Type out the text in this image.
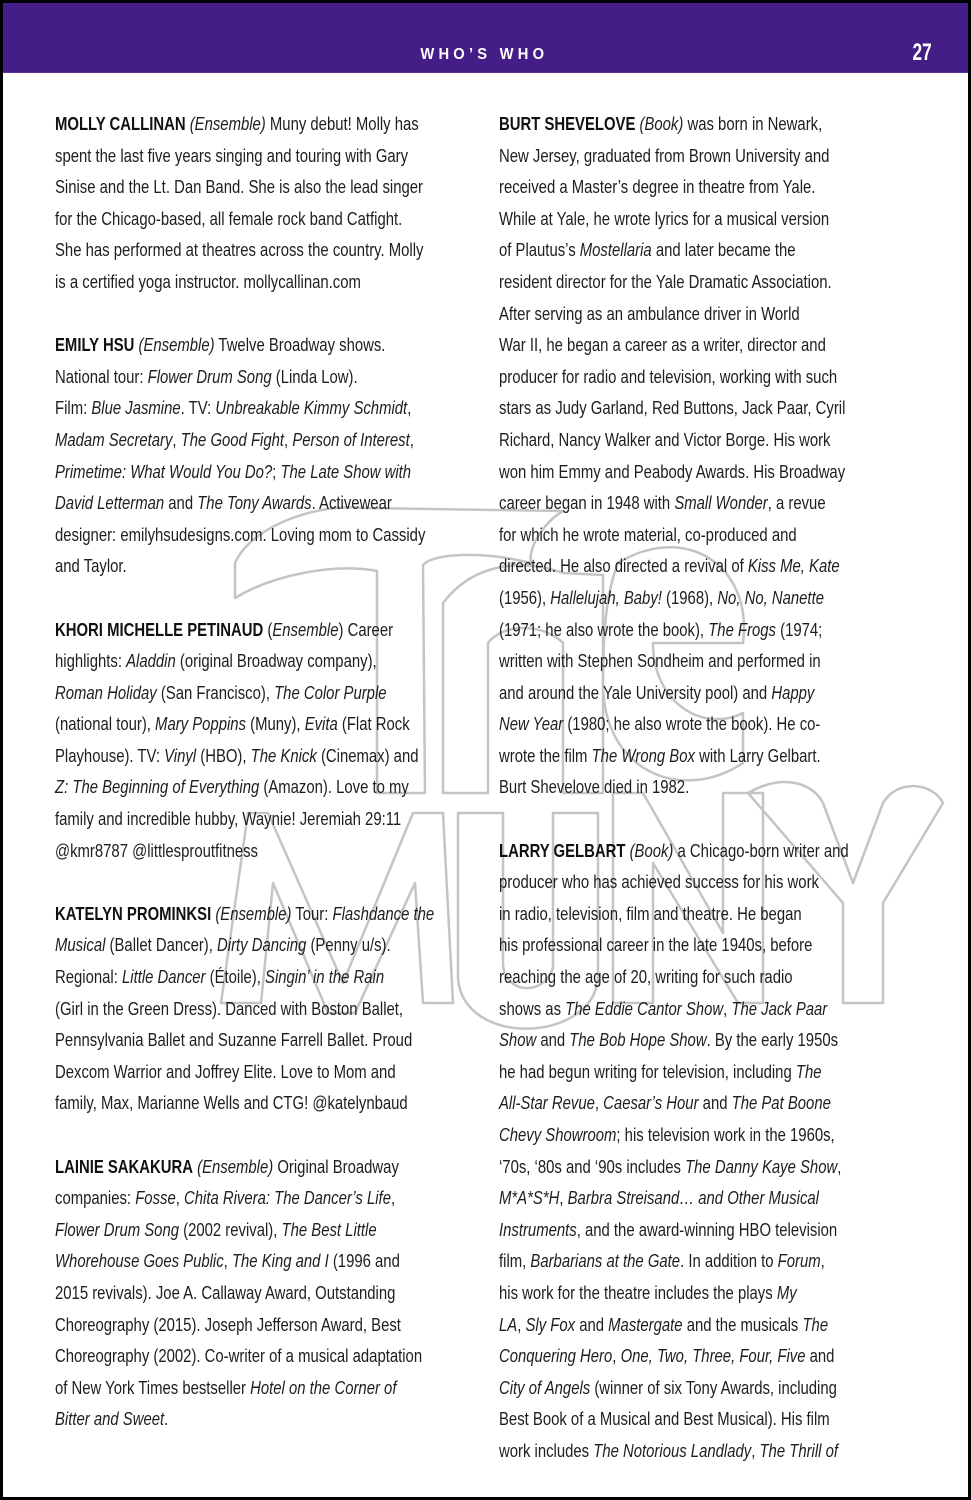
WHO’S WHO	27
MOLLY CALLINAN (Ensemble) Muny debut! Molly has
spent the last five years singing and touring with Gary
Sinise and the Lt. Dan Band. She is also the lead singer
for the Chicago-based, all female rock band Catfight.
She has performed at theatres across the country. Molly
is a certified yoga instructor. mollycallinan.com
EMILY HSU (Ensemble) Twelve Broadway shows.
National tour: Flower Drum Song (Linda Low).
Film: Blue Jasmine. TV: Unbreakable Kimmy Schmidt,
Madam Secretary, The Good Fight, Person of Interest,
Primetime: What Would You Do?; The Late Show with
David Letterman and The Tony Awards. Activewear
designer: emilyhsudesigns.com. Loving mom to Cassidy
and Taylor.
KHORI MICHELLE PETINAUD (Ensemble) Career
highlights: Aladdin (original Broadway company),
Roman Holiday (San Francisco), The Color Purple
(national tour), Mary Poppins (Muny), Evita (Flat Rock
Playhouse). TV: Vinyl (HBO), The Knick (Cinemax) and
Z: The Beginning of Everything (Amazon). Love to my
family and incredible hubby, Waynie! Jeremiah 29:11
@kmr8787 @littlesproutfitness
KATELYN PROMINKSI (Ensemble) Tour: Flashdance the
Musical (Ballet Dancer), Dirty Dancing (Penny u/s).
Regional: Little Dancer (Étoile), Singin’ in the Rain
(Girl in the Green Dress). Danced with Boston Ballet,
Pennsylvania Ballet and Suzanne Farrell Ballet. Proud
Dexcom Warrior and Joffrey Elite. Love to Mom and
family, Max, Marianne Wells and CTG! @katelynbaud
LAINIE SAKAKURA (Ensemble) Original Broadway
companies: Fosse, Chita Rivera: The Dancer’s Life,
Flower Drum Song (2002 revival), The Best Little
Whorehouse Goes Public, The King and I (1996 and
2015 revivals). Joe A. Callaway Award, Outstanding
Choreography (2015). Joseph Jefferson Award, Best
Choreography (2002). Co-writer of a musical adaptation
of New York Times bestseller Hotel on the Corner of
Bitter and Sweet.
BURT SHEVELOVE (Book) was born in Newark,
New Jersey, graduated from Brown University and
received a Master’s degree in theatre from Yale.
While at Yale, he wrote lyrics for a musical version
of Plautus’s Mostellaria and later became the
resident director for the Yale Dramatic Association.
After serving as an ambulance driver in World
War II, he began a career as a writer, director and
producer for radio and television, working with such
stars as Judy Garland, Red Buttons, Jack Paar, Cyril
Richard, Nancy Walker and Victor Borge. His work
won him Emmy and Peabody Awards. His Broadway
career began in 1948 with Small Wonder, a revue
for which he wrote material, co-produced and
directed. He also directed a revival of Kiss Me, Kate
(1956), Hallelujah, Baby! (1968), No, No, Nanette
(1971; he also wrote the book), The Frogs (1974;
written with Stephen Sondheim and performed in
and around the Yale University pool) and Happy
New Year (1980; he also wrote the book). He co-
wrote the film The Wrong Box with Larry Gelbart.
Burt Shevelove died in 1982.
LARRY GELBART (Book) a Chicago-born writer and
producer who has achieved success for his work
in radio, television, film and theatre. He began
his professional career in the late 1940s, before
reaching the age of 20, writing for such radio
shows as The Eddie Cantor Show, The Jack Paar
Show and The Bob Hope Show. By the early 1950s
he had begun writing for television, including The
All-Star Revue, Caesar’s Hour and The Pat Boone
Chevy Showroom; his television work in the 1960s,
‘70s, ‘80s and ‘90s includes The Danny Kaye Show,
M*A*S*H, Barbra Streisand… and Other Musical
Instruments, and the award-winning HBO television
film, Barbarians at the Gate. In addition to Forum,
his work for the theatre includes the plays My
LA, Sly Fox and Mastergate and the musicals The
Conquering Hero, One, Two, Three, Four, Five and
City of Angels (winner of six Tony Awards, including
Best Book of a Musical and Best Musical). His film
work includes The Notorious Landlady, The Thrill of
